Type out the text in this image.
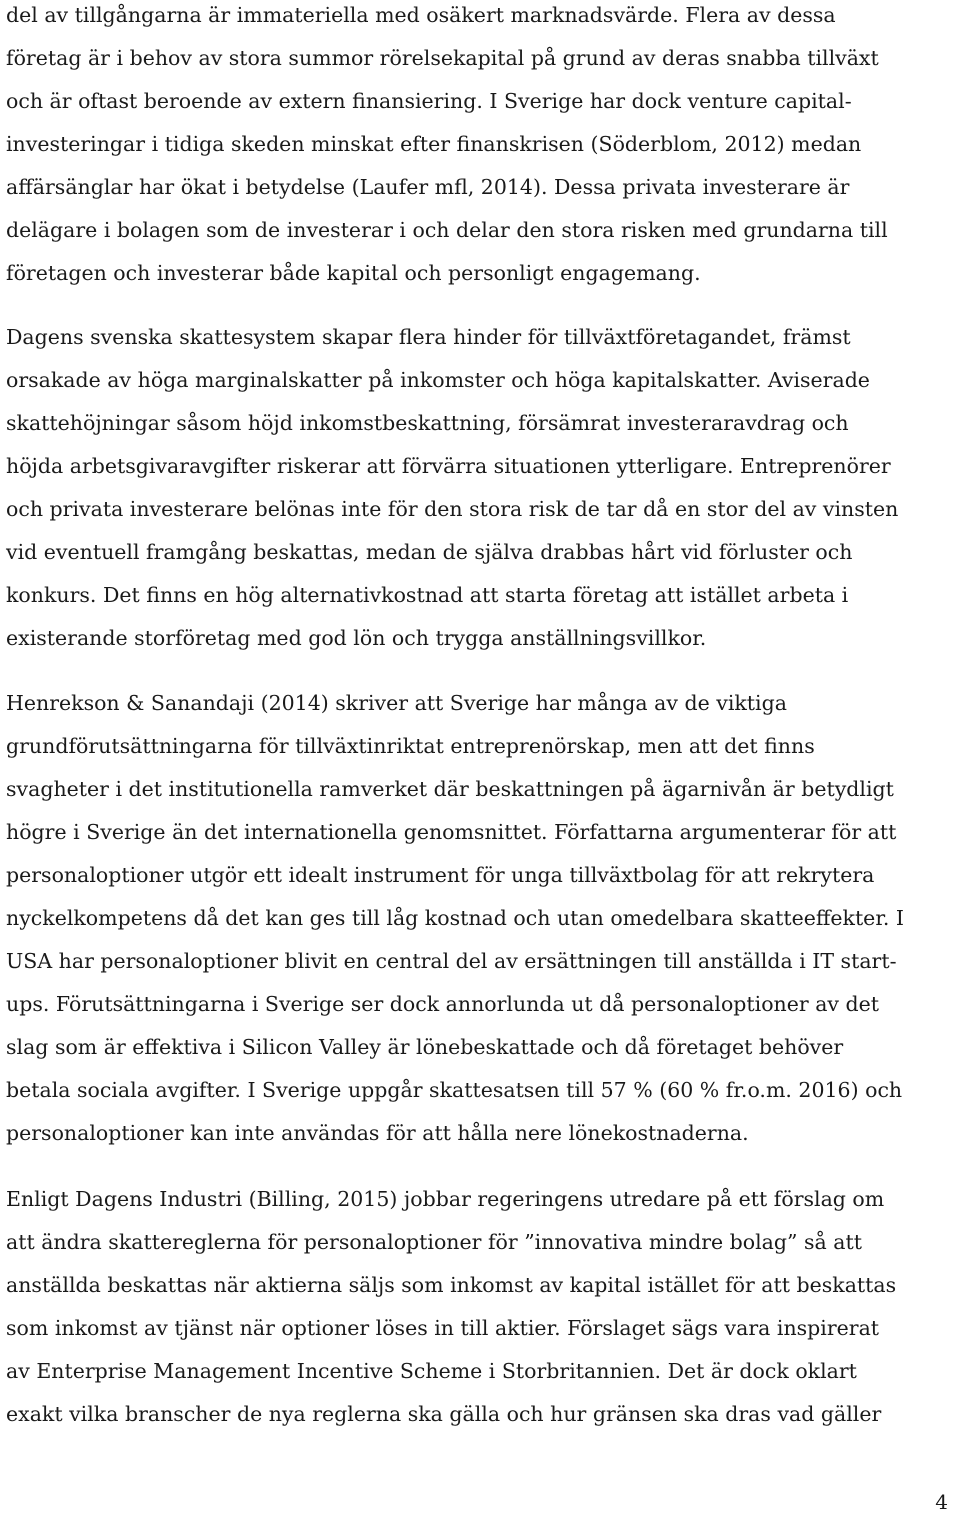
del av tillgångarna är immateriella med osäkert marknadsvärde. Flera av dessa
företag är i behov av stora summor rörelsekapital på grund av deras snabba tillväxt
och är oftast beroende av extern finansiering. I Sverige har dock venture capital-
investeringar i tidiga skeden minskat efter finanskrisen (Söderblom, 2012) medan
affärsänglar har ökat i betydelse (Laufer mfl, 2014). Dessa privata investerare är
delägare i bolagen som de investerar i och delar den stora risken med grundarna till
företagen och investerar både kapital och personligt engagemang.
Dagens svenska skattesystem skapar flera hinder för tillväxtföretagandet, främst
orsakade av höga marginalskatter på inkomster och höga kapitalskatter. Aviserade
skattehöjningar såsom höjd inkomstbeskattning, försämrat investeraravdrag och
höjda arbetsgivaravgifter riskerar att förvärra situationen ytterligare. Entreprenörer
och privata investerare belönas inte för den stora risk de tar då en stor del av vinsten
vid eventuell framgång beskattas, medan de själva drabbas hårt vid förluster och
konkurs. Det finns en hög alternativkostnad att starta företag att istället arbeta i
existerande storföretag med god lön och trygga anställningsvillkor.
Henrekson & Sanandaji (2014) skriver att Sverige har många av de viktiga
grundförutsättningarna för tillväxtinriktat entreprenörskap, men att det finns
svagheter i det institutionella ramverket där beskattningen på ägarnivån är betydligt
högre i Sverige än det internationella genomsnittet. Författarna argumenterar för att
personaloptioner utgör ett idealt instrument för unga tillväxtbolag för att rekrytera
nyckelkompetens då det kan ges till låg kostnad och utan omedelbara skatteeffekter. I
USA har personaloptioner blivit en central del av ersättningen till anställda i IT start-
ups. Förutsättningarna i Sverige ser dock annorlunda ut då personaloptioner av det
slag som är effektiva i Silicon Valley är lönebeskattade och då företaget behöver
betala sociala avgifter. I Sverige uppgår skattesatsen till 57 % (60 % fr.o.m. 2016) och
personaloptioner kan inte användas för att hålla nere lönekostnaderna.
Enligt Dagens Industri (Billing, 2015) jobbar regeringens utredare på ett förslag om
att ändra skattereglerna för personaloptioner för ”innovativa mindre bolag” så att
anställda beskattas när aktierna säljs som inkomst av kapital istället för att beskattas
som inkomst av tjänst när optioner löses in till aktier. Förslaget sägs vara inspirerat
av Enterprise Management Incentive Scheme i Storbritannien. Det är dock oklart
exakt vilka branscher de nya reglerna ska gälla och hur gränsen ska dras vad gäller
4
